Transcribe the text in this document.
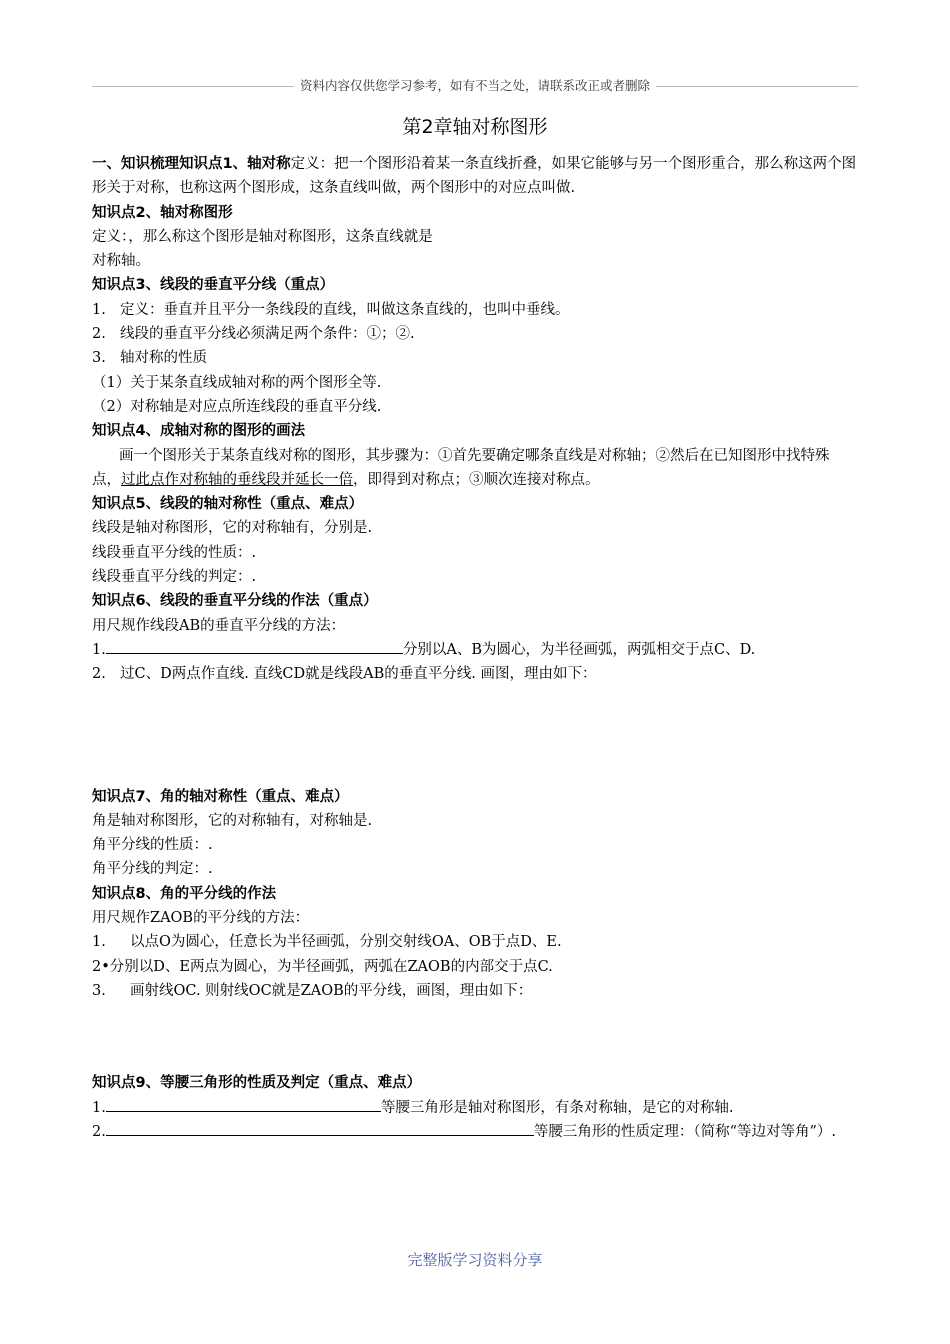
资料内容仅供您学习参考，如有不当之处，请联系改正或者删除
第2章轴对称图形
一、知识梳理知识点1、轴对称定义：把一个图形沿着某一条直线折叠，如果它能够与另一个图形重合，那么称这两个图形关于对称，也称这两个图形成，这条直线叫做，两个图形中的对应点叫做.
知识点2、轴对称图形
定义：，那么称这个图形是轴对称图形，这条直线就是
对称轴。
知识点3、线段的垂直平分线（重点）
1. 定义：垂直并且平分一条线段的直线，叫做这条直线的，也叫中垂线。
2. 线段的垂直平分线必须满足两个条件：①；②.
3. 轴对称的性质
（1）关于某条直线成轴对称的两个图形全等.
（2）对称轴是对应点所连线段的垂直平分线.
知识点4、成轴对称的图形的画法
画一个图形关于某条直线对称的图形，其步骤为：①首先要确定哪条直线是对称轴；②然后在已知图形中找特殊点，过此点作对称轴的垂线段并延长一倍，即得到对称点；③顺次连接对称点。
知识点5、线段的轴对称性（重点、难点）
线段是轴对称图形，它的对称轴有，分别是.
线段垂直平分线的性质：.
线段垂直平分线的判定：.
知识点6、线段的垂直平分线的作法（重点）
用尺规作线段AB的垂直平分线的方法：
1.	分别以A、B为圆心，为半径画弧，两弧相交于点C、D.
2. 过C、D两点作直线. 直线CD就是线段AB的垂直平分线. 画图，理由如下：
知识点7、角的轴对称性（重点、难点）
角是轴对称图形，它的对称轴有，对称轴是.
角平分线的性质：.
角平分线的判定：.
知识点8、角的平分线的作法
用尺规作ZAOB的平分线的方法：
1. 以点O为圆心，任意长为半径画弧，分别交射线OA、OB于点D、E.
2•分别以D、E两点为圆心，为半径画弧，两弧在ZAOB的内部交于点C.
3. 画射线OC. 则射线OC就是ZAOB的平分线，画图，理由如下：
知识点9、等腰三角形的性质及判定（重点、难点）
1.	等腰三角形是轴对称图形，有条对称轴，是它的对称轴.
2.	等腰三角形的性质定理：（简称“等边对等角”）.
完整版学习资料分享
